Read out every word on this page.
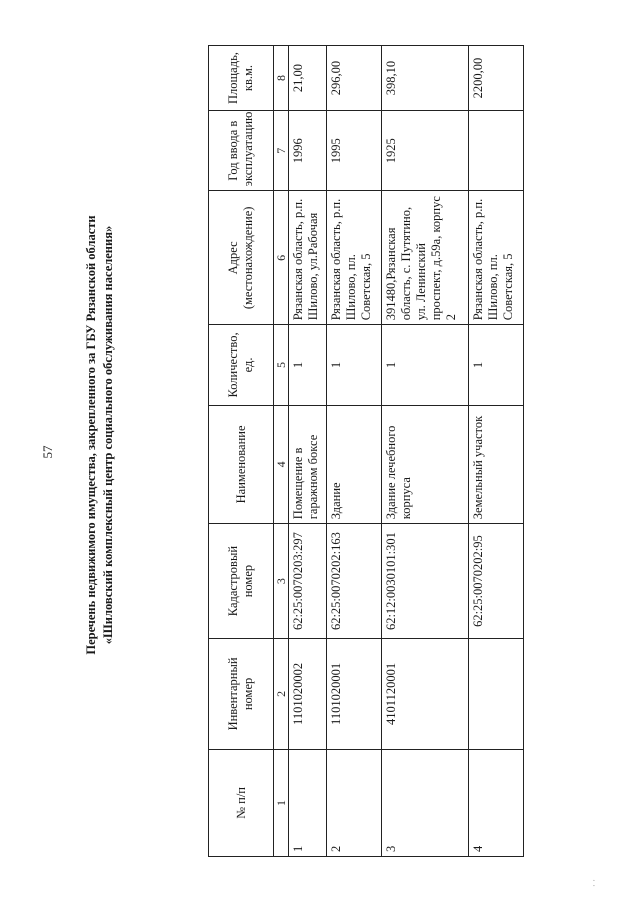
57 Перечень недвижимого имущества, закрепленного за ГБУ Рязанской области «Шиловский комплексный центр социального обслуживания населения»
№ п/п	Инвентарный номер	Кадастровый номер	Наименование	Количество, ед.	Адрес (местонахождение)	Год ввода в эксплуатацию	Площадь, кв.м.
1	2	3	4	5	6	7	8
1	1101020002	62:25:0070203:297	Помещение в гаражном боксе	1	Рязанская область, р.п. Шилово, ул.Рабочая	1996	21,00
2	1101020001	62:25:0070202:163	Здание	1	Рязанская область, р.п. Шилово, пл. Советская, 5	1995	296,00
3	4101120001	62:12:0030101:301	Здание лечебного корпуса	1	391480,Рязанская область, с. Путятино, ул. Ленинский проспект, д.59а, корпус 2	1925	398,10
4		62:25:0070202:95	Земельный участок	1	Рязанская область, р.п. Шилово, пл. Советская, 5		2200,00
· ·
